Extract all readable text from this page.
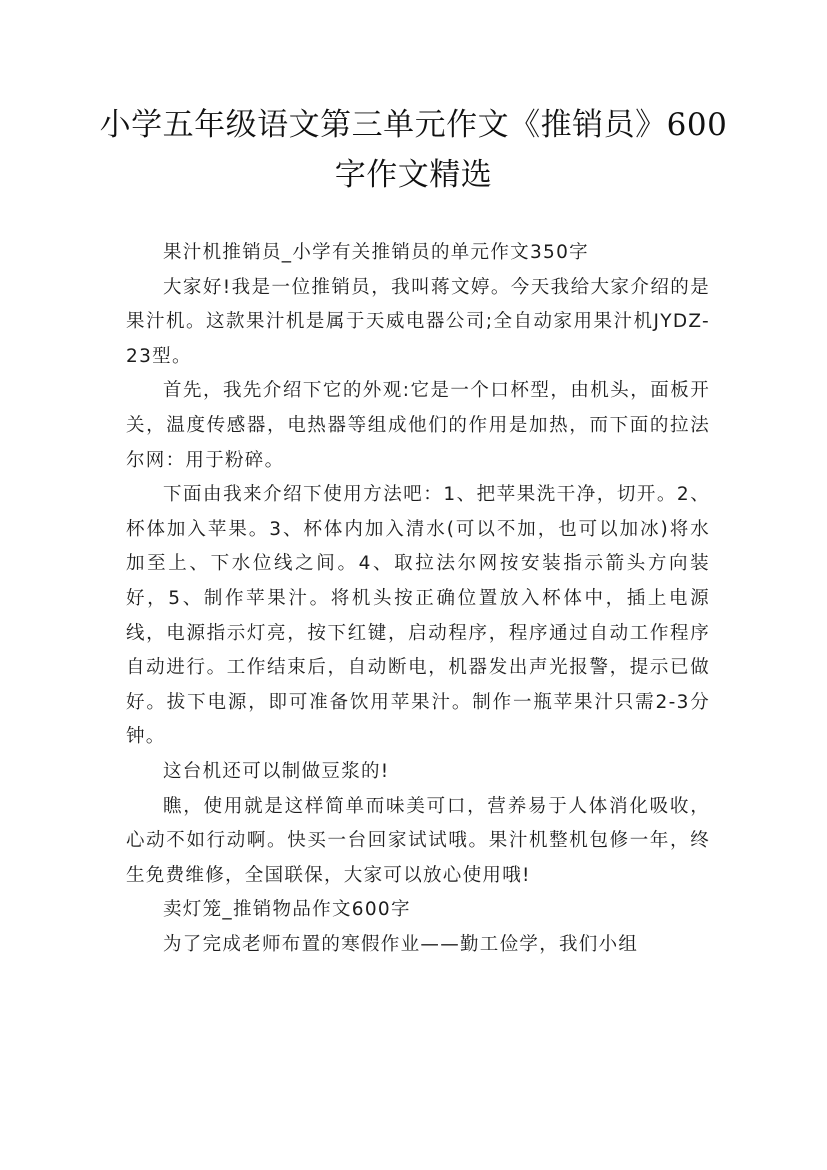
小学五年级语文第三单元作文《推销员》600字作文精选

果汁机推销员_小学有关推销员的单元作文350字

大家好!我是一位推销员，我叫蒋文婷。今天我给大家介绍的是果汁机。这款果汁机是属于天威电器公司;全自动家用果汁机JYDZ-23型。

首先，我先介绍下它的外观:它是一个口杯型，由机头，面板开关，温度传感器，电热器等组成他们的作用是加热，而下面的拉法尔网：用于粉碎。

下面由我来介绍下使用方法吧：1、把苹果洗干净，切开。2、杯体加入苹果。3、杯体内加入清水(可以不加，也可以加冰)将水加至上、下水位线之间。4、取拉法尔网按安装指示箭头方向装好，5、制作苹果汁。将机头按正确位置放入杯体中，插上电源线，电源指示灯亮，按下红键，启动程序，程序通过自动工作程序自动进行。工作结束后，自动断电，机器发出声光报警，提示已做好。拔下电源，即可准备饮用苹果汁。制作一瓶苹果汁只需2-3分钟。

这台机还可以制做豆浆的!

瞧，使用就是这样简单而味美可口，营养易于人体消化吸收，心动不如行动啊。快买一台回家试试哦。果汁机整机包修一年，终生免费维修，全国联保，大家可以放心使用哦!

卖灯笼_推销物品作文600字

为了完成老师布置的寒假作业——勤工俭学，我们小组
